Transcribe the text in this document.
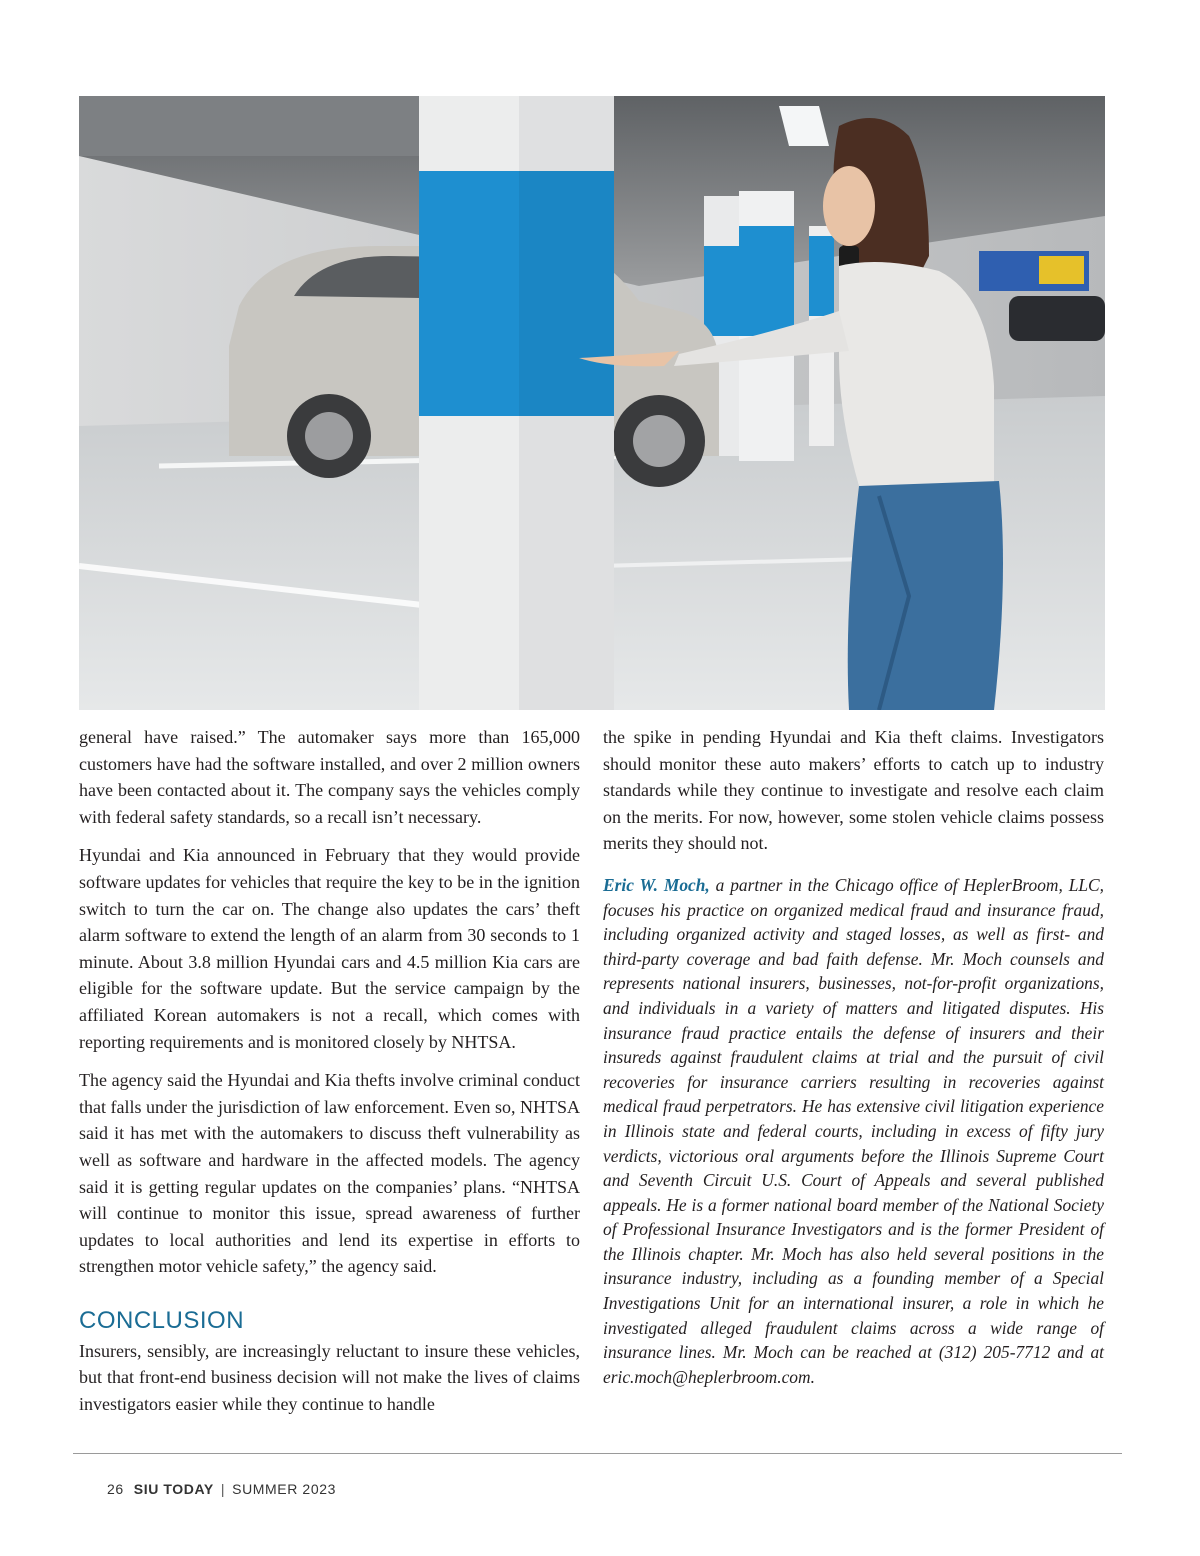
general have raised.” The automaker says more than 165,000 customers have had the software installed, and over 2 million owners have been contacted about it. The company says the vehicles comply with federal safety standards, so a recall isn’t necessary.

Hyundai and Kia announced in February that they would provide software updates for vehicles that require the key to be in the ignition switch to turn the car on. The change also updates the cars’ theft alarm software to extend the length of an alarm from 30 seconds to 1 minute. About 3.8 million Hyundai cars and 4.5 million Kia cars are eligible for the software update. But the service campaign by the affiliated Korean automakers is not a recall, which comes with reporting requirements and is monitored closely by NHTSA.

The agency said the Hyundai and Kia thefts involve criminal conduct that falls under the jurisdiction of law enforcement. Even so, NHTSA said it has met with the automakers to discuss theft vulnerability as well as software and hardware in the affected models. The agency said it is getting regular updates on the companies’ plans. “NHTSA will continue to monitor this issue, spread awareness of further updates to local authorities and lend its expertise in efforts to strengthen motor vehicle safety,” the agency said.

CONCLUSION

Insurers, sensibly, are increasingly reluctant to insure these vehicles, but that front-end business decision will not make the lives of claims investigators easier while they continue to handle

the spike in pending Hyundai and Kia theft claims. Investigators should monitor these auto makers’ efforts to catch up to industry standards while they continue to investigate and resolve each claim on the merits. For now, however, some stolen vehicle claims possess merits they should not.

Eric W. Moch, a partner in the Chicago office of HeplerBroom, LLC, focuses his practice on organized medical fraud and insurance fraud, including organized activity and staged losses, as well as first- and third-party coverage and bad faith defense. Mr. Moch counsels and represents national insurers, businesses, not-for-profit organizations, and individuals in a variety of matters and litigated disputes. His insurance fraud practice entails the defense of insurers and their insureds against fraudulent claims at trial and the pursuit of civil recoveries for insurance carriers resulting in recoveries against medical fraud perpetrators. He has extensive civil litigation experience in Illinois state and federal courts, including in excess of fifty jury verdicts, victorious oral arguments before the Illinois Supreme Court and Seventh Circuit U.S. Court of Appeals and several published appeals. He is a former national board member of the National Society of Professional Insurance Investigators and is the former President of the Illinois chapter. Mr. Moch has also held several positions in the insurance industry, including as a founding member of a Special Investigations Unit for an international insurer, a role in which he investigated alleged fraudulent claims across a wide range of insurance lines. Mr. Moch can be reached at (312) 205-7712 and at eric.moch@heplerbroom.com.
26 SIU TODAY | SUMMER 2023
